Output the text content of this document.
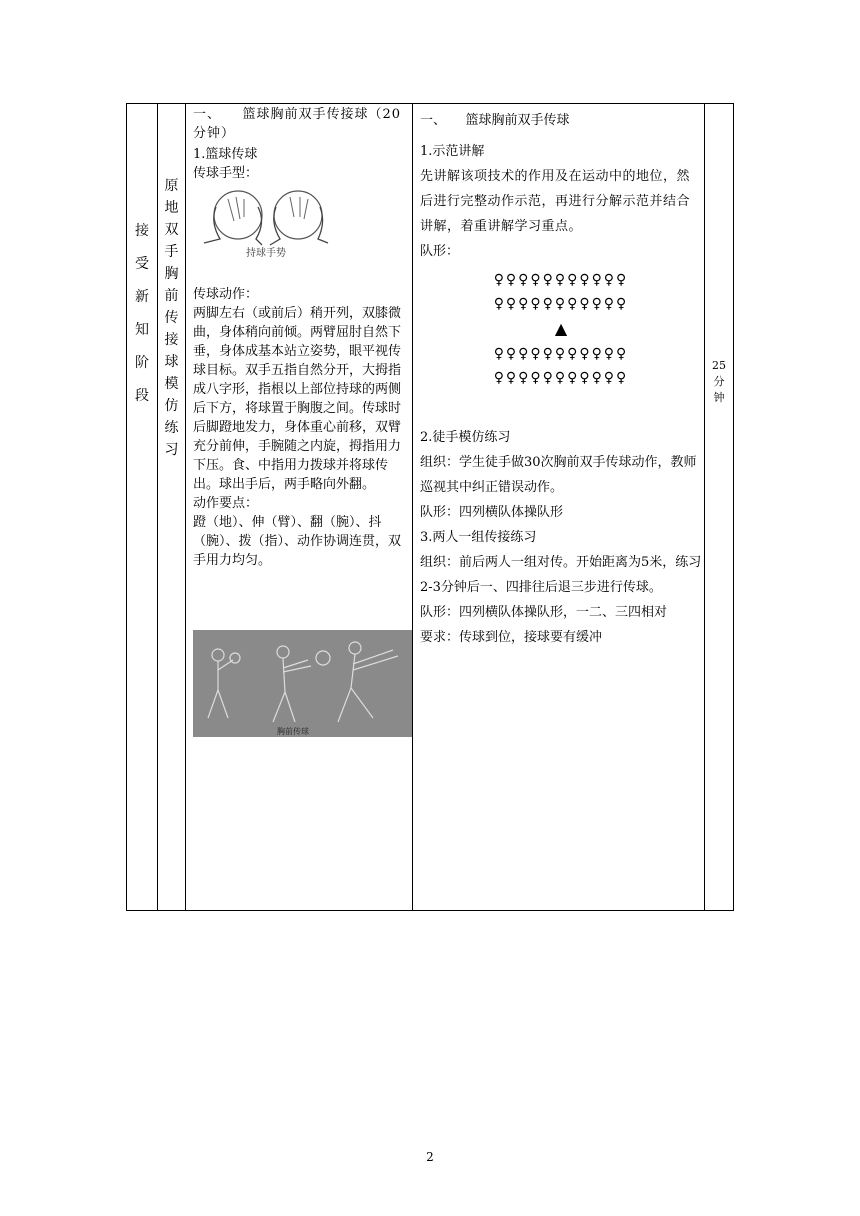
接受新知阶段
原地双手胸前传接球模仿练习

一、　　篮球胸前双手传接球（20分钟）

1.篮球传球

传球手型：

持球手势

传球动作：

两脚左右（或前后）稍开列，双膝微曲，身体稍向前倾。两臂屈肘自然下垂，身体成基本站立姿势，眼平视传球目标。双手五指自然分开，大拇指成八字形，指根以上部位持球的两侧后下方，将球置于胸腹之间。传球时后脚蹬地发力，身体重心前移，双臂充分前伸，手腕随之内旋，拇指用力下压。食、中指用力拨球并将球传出。球出手后，两手略向外翻。

动作要点：

蹬（地）、伸（臂）、翻（腕）、抖（腕）、拨（指）、动作协调连贯，双手用力均匀。

胸前传球

一、　　篮球胸前双手传球

1.示范讲解

先讲解该项技术的作用及在运动中的地位，然后进行完整动作示范，再进行分解示范并结合讲解，着重讲解学习重点。

队形：

♀♀♀♀♀♀♀♀♀♀♀
♀♀♀♀♀♀♀♀♀♀♀
▲
♀♀♀♀♀♀♀♀♀♀♀
♀♀♀♀♀♀♀♀♀♀♀

2.徒手模仿练习

组织：学生徒手做30次胸前双手传球动作，教师巡视其中纠正错误动作。

队形：四列横队体操队形

3.两人一组传接练习

组织：前后两人一组对传。开始距离为5米，练习2-3分钟后一、四排往后退三步进行传球。

队形：四列横队体操队形，一二、三四相对

要求：传球到位，接球要有缓冲

25
分
钟
2
